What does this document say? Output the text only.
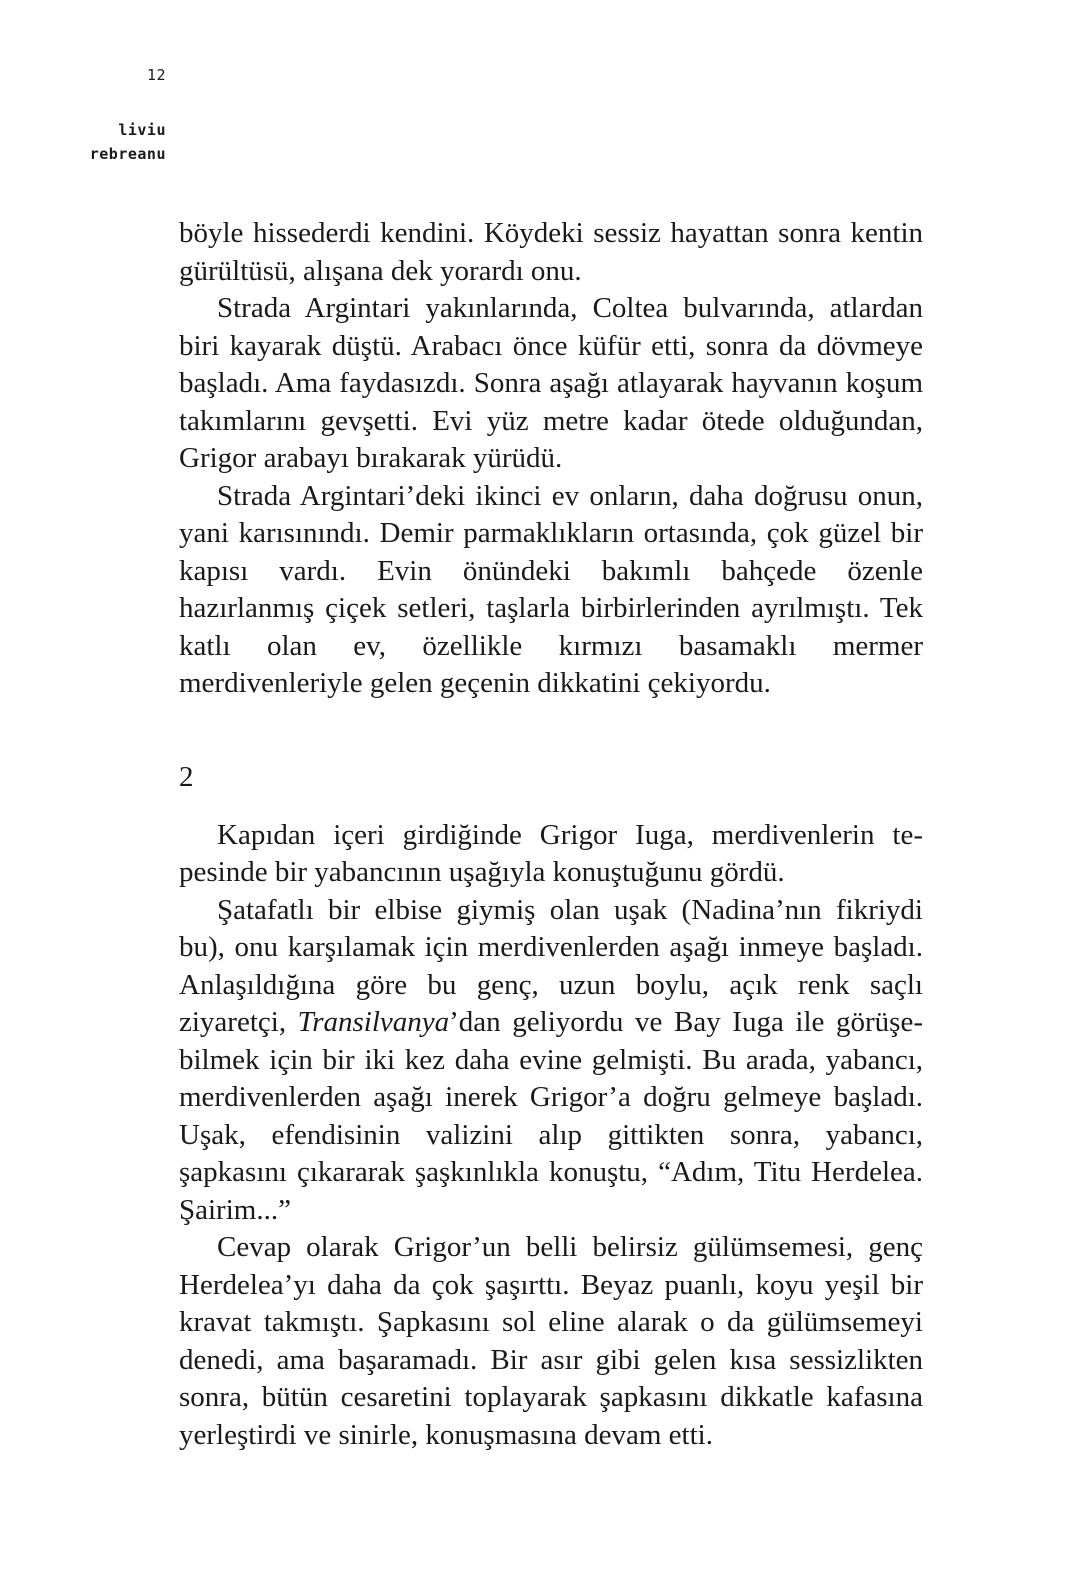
12
liviu
rebreanu

böyle hissederdi kendini. Köydeki sessiz hayattan sonra kentin gürültüsü, alışana dek yorardı onu.

Strada Argintari yakınlarında, Coltea bulvarında, atlardan biri kayarak düştü. Arabacı önce küfür etti, sonra da dövmeye başladı. Ama faydasızdı. Sonra aşağı atlayarak hayvanın koşum takımlarını gevşetti. Evi yüz metre kadar ötede olduğundan, Grigor arabayı bırakarak yürüdü.

Strada Argintari’deki ikinci ev onların, daha doğrusu onun, yani karısınındı. Demir parmaklıkların ortasında, çok güzel bir kapısı vardı. Evin önündeki bakımlı bahçede özenle hazırlanmış çiçek setleri, taşlarla birbirlerinden ayrılmıştı. Tek katlı olan ev, özellikle kırmızı basamaklı mermer merdivenleriyle gelen geçenin dikkatini çekiyordu.

2

Kapıdan içeri girdiğinde Grigor Iuga, merdivenlerin tepesinde bir yabancının uşağıyla konuştuğunu gördü.

Şatafatlı bir elbise giymiş olan uşak (Nadina’nın fikriydi bu), onu karşılamak için merdivenlerden aşağı inmeye başladı. Anlaşıldığına göre bu genç, uzun boylu, açık renk saçlı ziyaretçi, Transilvanya’dan geliyordu ve Bay Iuga ile görüşebilmek için bir iki kez daha evine gelmişti. Bu arada, yabancı, merdivenlerden aşağı inerek Grigor’a doğru gelmeye başladı. Uşak, efendisinin valizini alıp gittikten sonra, yabancı, şapkasını çıkararak şaşkınlıkla konuştu, “Adım, Titu Herdelea. Şairim...”

Cevap olarak Grigor’un belli belirsiz gülümsemesi, genç Herdelea’yı daha da çok şaşırttı. Beyaz puanlı, koyu yeşil bir kravat takmıştı. Şapkasını sol eline alarak o da gülümsemeyi denedi, ama başaramadı. Bir asır gibi gelen kısa sessizlikten sonra, bütün cesaretini toplayarak şapkasını dikkatle kafasına yerleştirdi ve sinirle, konuşmasına devam etti.
